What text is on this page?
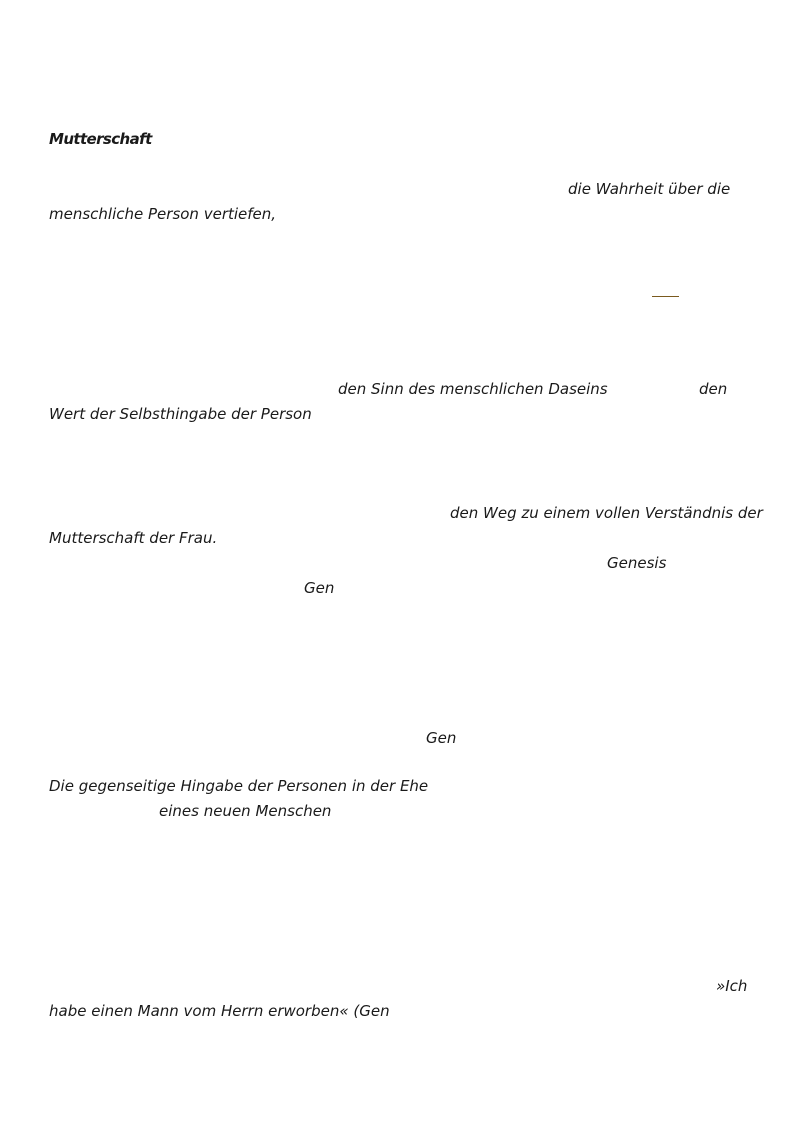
Mutterschaft
die Wahrheit über die
menschliche Person vertiefen,
den Sinn des menschlichen Daseins	den
Wert der Selbsthingabe der Person
den Weg zu einem vollen Verständnis der
Mutterschaft der Frau.
Genesis
Gen
Gen
Die gegenseitige Hingabe der Personen in der Ehe
eines neuen Menschen
»Ich
habe einen Mann vom Herrn erworben« (Gen
